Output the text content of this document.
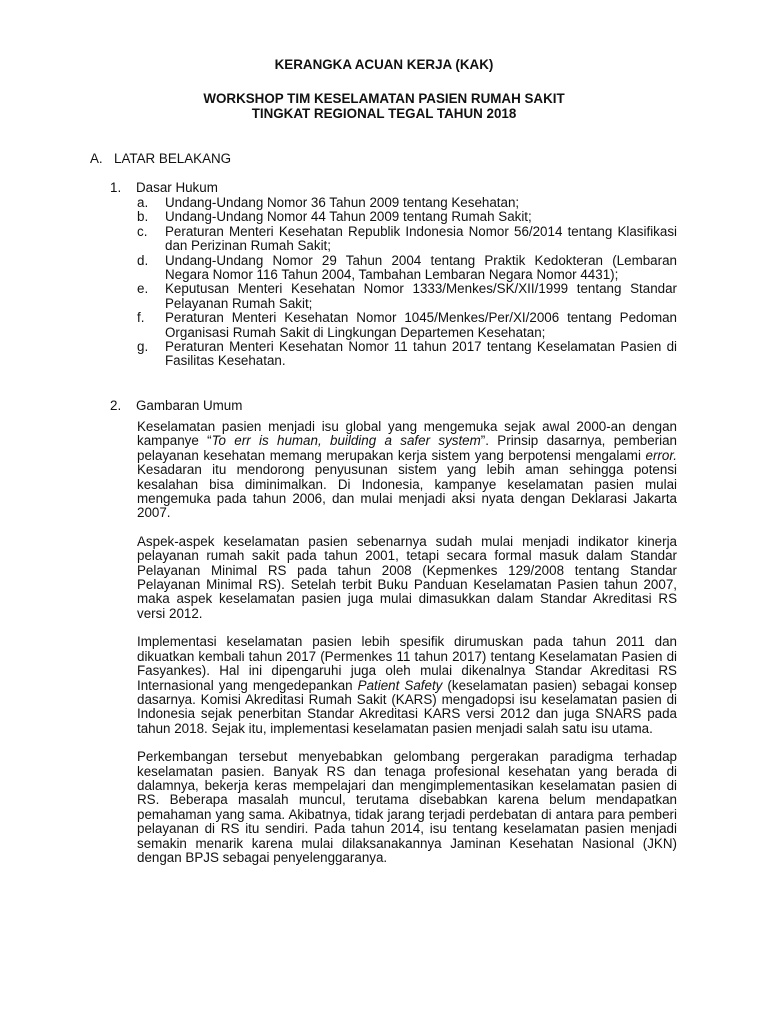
KERANGKA ACUAN KERJA (KAK)
WORKSHOP TIM KESELAMATAN PASIEN RUMAH SAKIT
TINGKAT REGIONAL TEGAL TAHUN 2018
A. LATAR BELAKANG
1. Dasar Hukum
a.	Undang-Undang Nomor 36 Tahun 2009 tentang Kesehatan;
b.	Undang-Undang Nomor 44 Tahun 2009 tentang Rumah Sakit;
c.	Peraturan Menteri Kesehatan Republik Indonesia Nomor 56/2014 tentang Klasifikasi dan Perizinan Rumah Sakit;
d.	Undang-Undang Nomor 29 Tahun 2004 tentang Praktik Kedokteran (Lembaran Negara Nomor 116 Tahun 2004, Tambahan Lembaran Negara Nomor 4431);
e.	Keputusan Menteri Kesehatan Nomor 1333/Menkes/SK/XII/1999 tentang Standar Pelayanan Rumah Sakit;
f.	Peraturan Menteri Kesehatan Nomor 1045/Menkes/Per/XI/2006 tentang Pedoman Organisasi Rumah Sakit di Lingkungan Departemen Kesehatan;
g.	Peraturan Menteri Kesehatan Nomor 11 tahun 2017 tentang Keselamatan Pasien di Fasilitas Kesehatan.
2. Gambaran Umum

Keselamatan pasien menjadi isu global yang mengemuka sejak awal 2000-an dengan kampanye “To err is human, building a safer system”. Prinsip dasarnya, pemberian pelayanan kesehatan memang merupakan kerja sistem yang berpotensi mengalami error. Kesadaran itu mendorong penyusunan sistem yang lebih aman sehingga potensi kesalahan bisa diminimalkan. Di Indonesia, kampanye keselamatan pasien mulai mengemuka pada tahun 2006, dan mulai menjadi aksi nyata dengan Deklarasi Jakarta 2007.

Aspek-aspek keselamatan pasien sebenarnya sudah mulai menjadi indikator kinerja pelayanan rumah sakit pada tahun 2001, tetapi secara formal masuk dalam Standar Pelayanan Minimal RS pada tahun 2008 (Kepmenkes 129/2008 tentang Standar Pelayanan Minimal RS). Setelah terbit Buku Panduan Keselamatan Pasien tahun 2007, maka aspek keselamatan pasien juga mulai dimasukkan dalam Standar Akreditasi RS versi 2012.

Implementasi keselamatan pasien lebih spesifik dirumuskan pada tahun 2011 dan dikuatkan kembali tahun 2017 (Permenkes 11 tahun 2017) tentang Keselamatan Pasien di Fasyankes). Hal ini dipengaruhi juga oleh mulai dikenalnya Standar Akreditasi RS Internasional yang mengedepankan Patient Safety (keselamatan pasien) sebagai konsep dasarnya. Komisi Akreditasi Rumah Sakit (KARS) mengadopsi isu keselamatan pasien di Indonesia sejak penerbitan Standar Akreditasi KARS versi 2012 dan juga SNARS pada tahun 2018. Sejak itu, implementasi keselamatan pasien menjadi salah satu isu utama.

Perkembangan tersebut menyebabkan gelombang pergerakan paradigma terhadap keselamatan pasien. Banyak RS dan tenaga profesional kesehatan yang berada di dalamnya, bekerja keras mempelajari dan mengimplementasikan keselamatan pasien di RS. Beberapa masalah muncul, terutama disebabkan karena belum mendapatkan pemahaman yang sama. Akibatnya, tidak jarang terjadi perdebatan di antara para pemberi pelayanan di RS itu sendiri. Pada tahun 2014, isu tentang keselamatan pasien menjadi semakin menarik karena mulai dilaksanakannya Jaminan Kesehatan Nasional (JKN) dengan BPJS sebagai penyelenggaranya.
